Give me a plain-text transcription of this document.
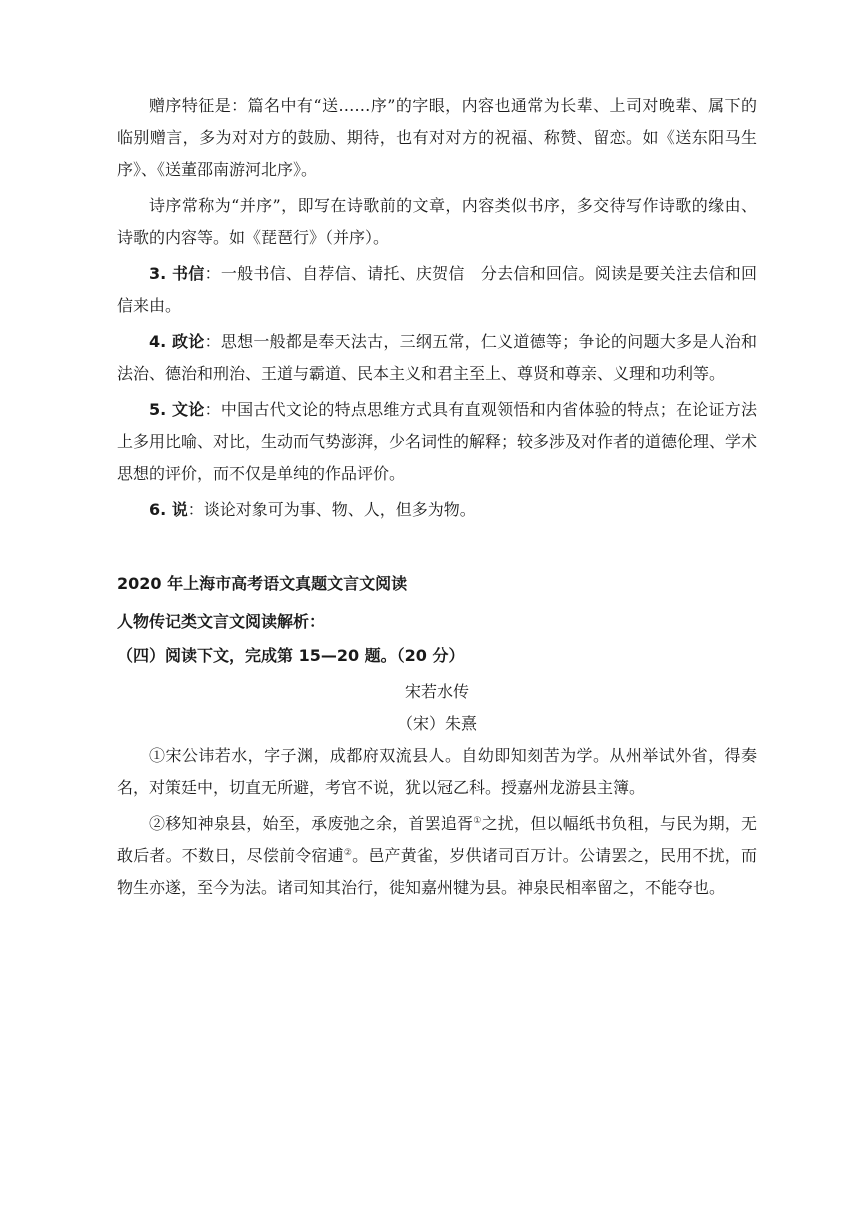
赠序特征是：篇名中有“送……序”的字眼，内容也通常为长辈、上司对晚辈、属下的临别赠言，多为对对方的鼓励、期待，也有对对方的祝福、称赞、留恋。如《送东阳马生序》、《送董邵南游河北序》。

诗序常称为“并序”，即写在诗歌前的文章，内容类似书序，多交待写作诗歌的缘由、诗歌的内容等。如《琵琶行》（并序）。

3. 书信：一般书信、自荐信、请托、庆贺信　分去信和回信。阅读是要关注去信和回信来由。

4. 政论：思想一般都是奉天法古，三纲五常，仁义道德等；争论的问题大多是人治和法治、德治和刑治、王道与霸道、民本主义和君主至上、尊贤和尊亲、义理和功利等。

5. 文论：中国古代文论的特点思维方式具有直观领悟和内省体验的特点；在论证方法上多用比喻、对比，生动而气势澎湃，少名词性的解释；较多涉及对作者的道德伦理、学术思想的评价，而不仅是单纯的作品评价。

6. 说：谈论对象可为事、物、人，但多为物。

2020 年上海市高考语文真题文言文阅读

人物传记类文言文阅读解析：

（四）阅读下文，完成第 15—20 题。（20 分）

宋若水传

（宋）朱熹

①宋公讳若水，字子渊，成都府双流县人。自幼即知刻苦为学。从州举试外省，得奏名，对策廷中，切直无所避，考官不说，犹以冠乙科。授嘉州龙游县主簿。

②移知神泉县，始至，承废弛之余，首罢追胥①之扰，但以幅纸书负租，与民为期，无敢后者。不数日，尽偿前令宿逋②。邑产黄雀，岁供诸司百万计。公请罢之，民用不扰，而物生亦遂，至今为法。诸司知其治行，徙知嘉州犍为县。神泉民相率留之，不能夺也。
